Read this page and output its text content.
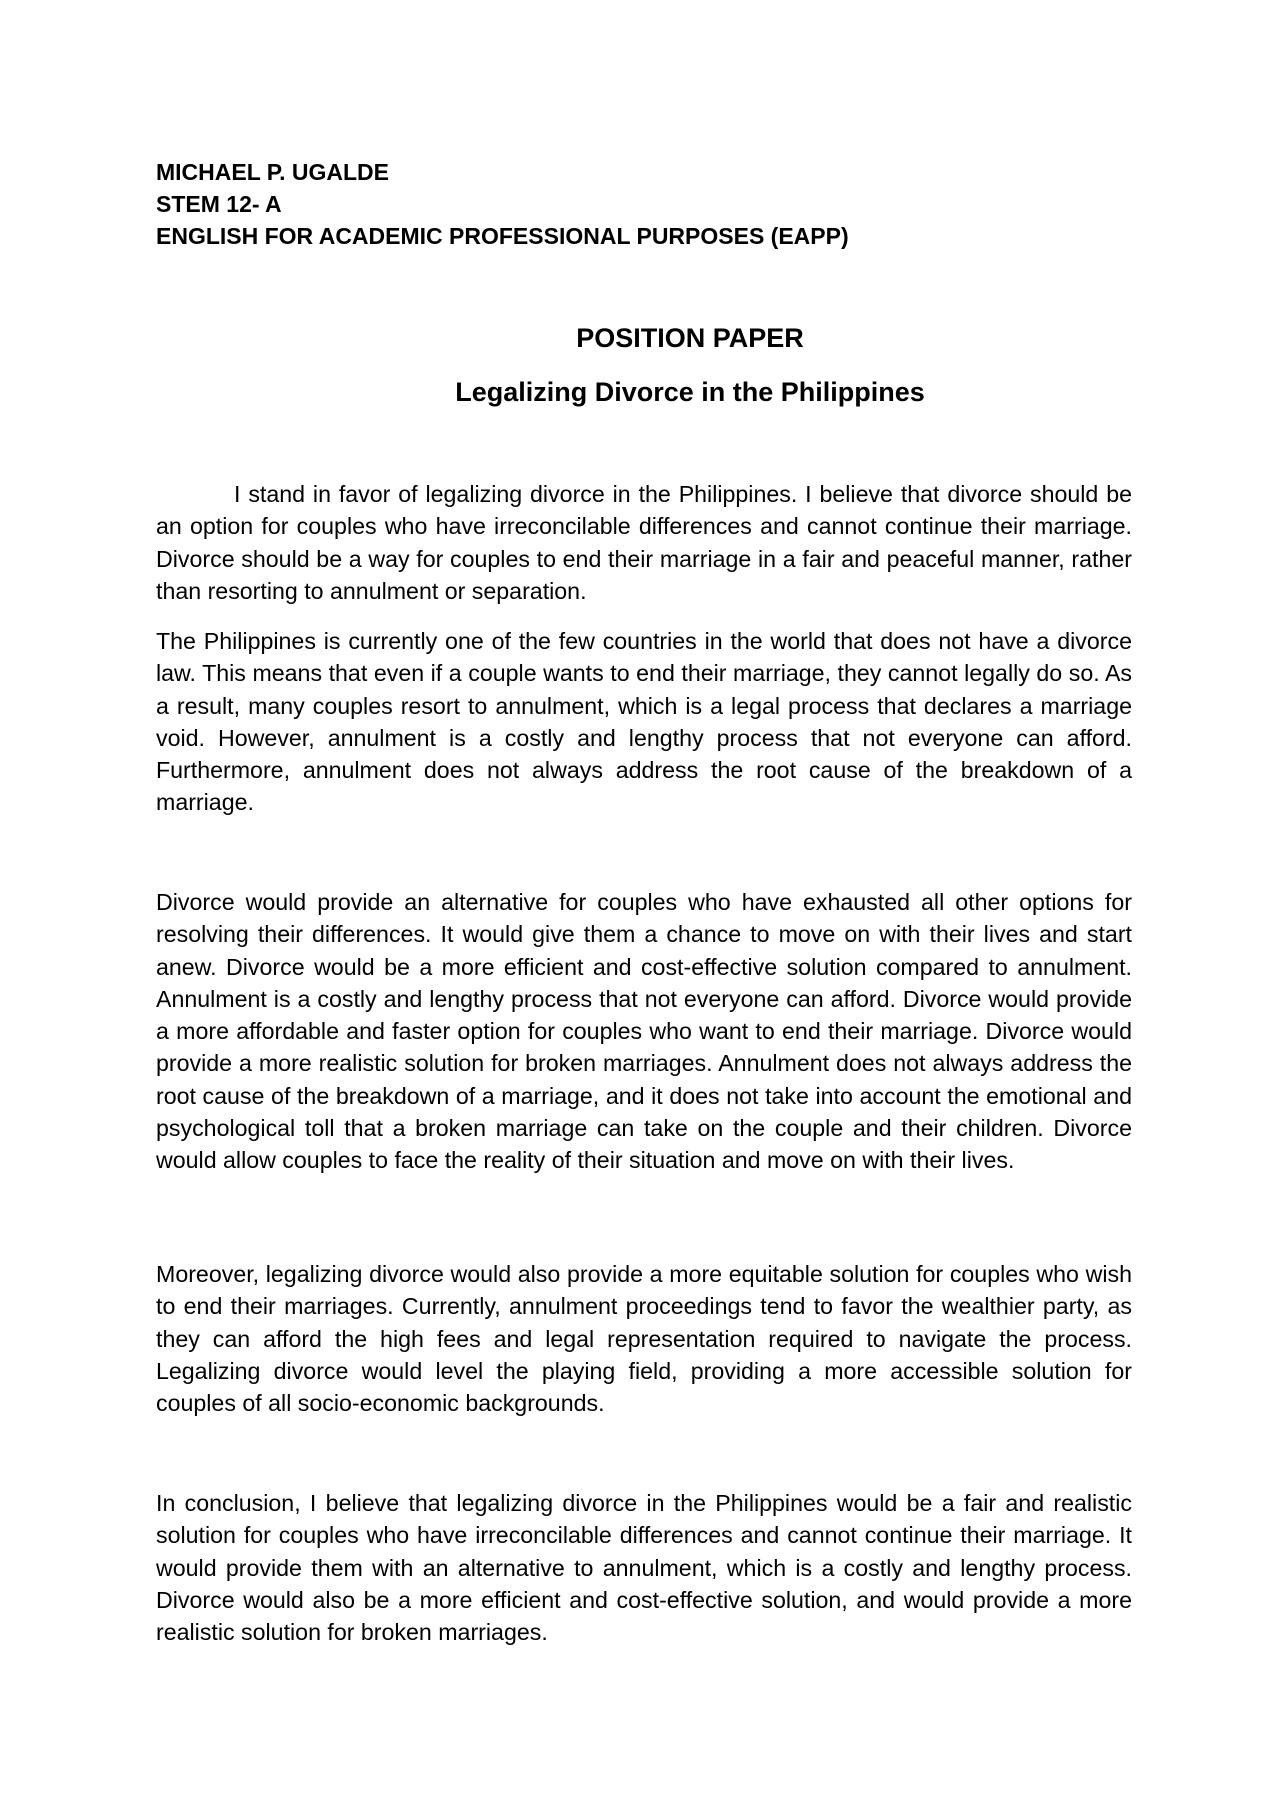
MICHAEL P. UGALDE
STEM 12- A
ENGLISH FOR ACADEMIC PROFESSIONAL PURPOSES (EAPP)
POSITION PAPER
Legalizing Divorce in the Philippines

I stand in favor of legalizing divorce in the Philippines. I believe that divorce should be an option for couples who have irreconcilable differences and cannot continue their marriage. Divorce should be a way for couples to end their marriage in a fair and peaceful manner, rather than resorting to annulment or separation.

The Philippines is currently one of the few countries in the world that does not have a divorce law. This means that even if a couple wants to end their marriage, they cannot legally do so. As a result, many couples resort to annulment, which is a legal process that declares a marriage void. However, annulment is a costly and lengthy process that not everyone can afford. Furthermore, annulment does not always address the root cause of the breakdown of a marriage.

Divorce would provide an alternative for couples who have exhausted all other options for resolving their differences. It would give them a chance to move on with their lives and start anew. Divorce would be a more efficient and cost-effective solution compared to annulment. Annulment is a costly and lengthy process that not everyone can afford. Divorce would provide a more affordable and faster option for couples who want to end their marriage. Divorce would provide a more realistic solution for broken marriages. Annulment does not always address the root cause of the breakdown of a marriage, and it does not take into account the emotional and psychological toll that a broken marriage can take on the couple and their children. Divorce would allow couples to face the reality of their situation and move on with their lives.

Moreover, legalizing divorce would also provide a more equitable solution for couples who wish to end their marriages. Currently, annulment proceedings tend to favor the wealthier party, as they can afford the high fees and legal representation required to navigate the process. Legalizing divorce would level the playing field, providing a more accessible solution for couples of all socio-economic backgrounds.

In conclusion, I believe that legalizing divorce in the Philippines would be a fair and realistic solution for couples who have irreconcilable differences and cannot continue their marriage. It would provide them with an alternative to annulment, which is a costly and lengthy process. Divorce would also be a more efficient and cost-effective solution, and would provide a more realistic solution for broken marriages.
